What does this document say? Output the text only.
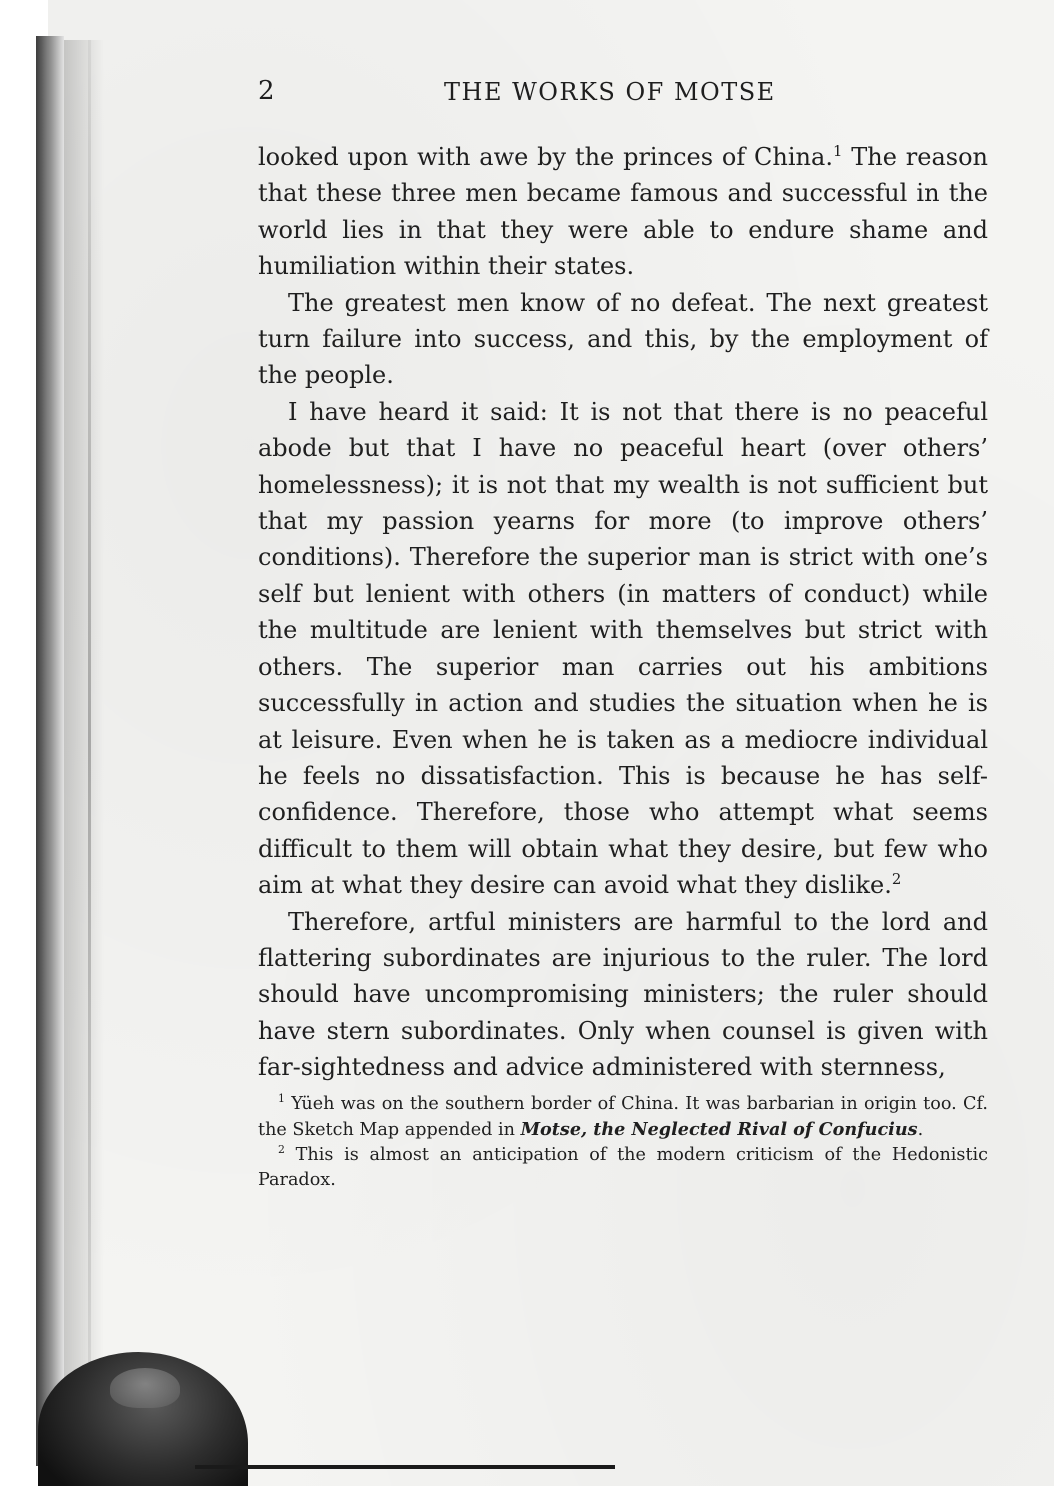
2	THE WORKS OF MOTSE

looked upon with awe by the princes of China.$^1$ The reason that these three men became famous and successful in the world lies in that they were able to endure shame and humiliation within their states.

The greatest men know of no defeat. The next greatest turn failure into success, and this, by the employment of the people.

I have heard it said: It is not that there is no peaceful abode but that I have no peaceful heart (over others’ homelessness); it is not that my wealth is not sufficient but that my passion yearns for more (to improve others’ conditions). Therefore the superior man is strict with one’s self but lenient with others (in matters of conduct) while the multitude are lenient with themselves but strict with others. The superior man carries out his ambitions successfully in action and studies the situation when he is at leisure. Even when he is taken as a mediocre individual he feels no dissatisfaction. This is because he has self-confidence. Therefore, those who attempt what seems difficult to them will obtain what they desire, but few who aim at what they desire can avoid what they dislike.$^2$

Therefore, artful ministers are harmful to the lord and flattering subordinates are injurious to the ruler. The lord should have uncompromising ministers; the ruler should have stern subordinates. Only when counsel is given with far-sightedness and advice administered with sternness,

$^1$ Yüeh was on the southern border of China. It was barbarian in origin too. Cf. the Sketch Map appended in Motse, the Neglected Rival of Confucius.

$^2$ This is almost an anticipation of the modern criticism of the Hedonistic Paradox.
